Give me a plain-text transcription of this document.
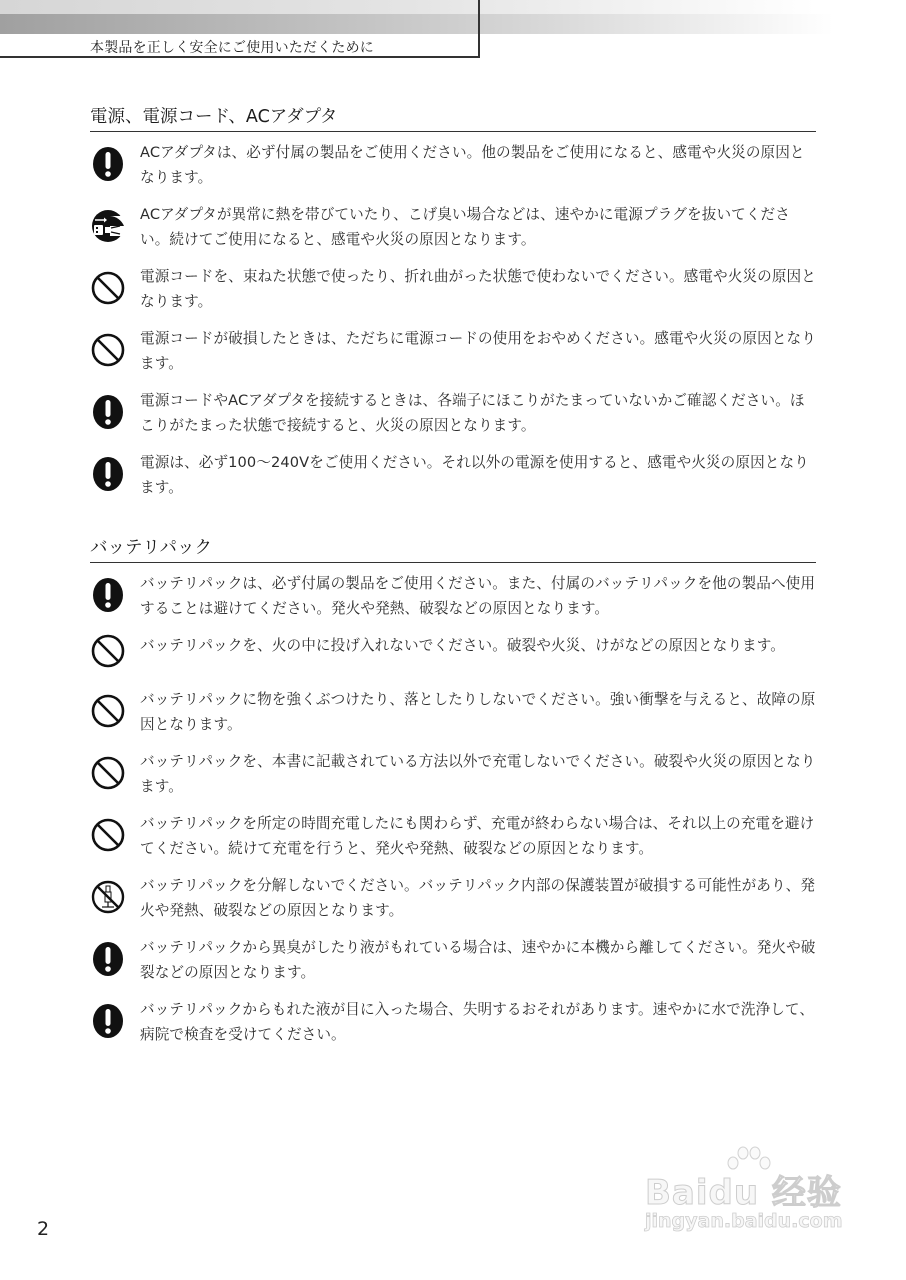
本製品を正しく安全にご使用いただくために
電源、電源コード、ACアダプタ
ACアダプタは、必ず付属の製品をご使用ください。他の製品をご使用になると、感電や火災の原因となります。
ACアダプタが異常に熱を帯びていたり、こげ臭い場合などは、速やかに電源プラグを抜いてください。続けてご使用になると、感電や火災の原因となります。
電源コードを、束ねた状態で使ったり、折れ曲がった状態で使わないでください。感電や火災の原因となります。
電源コードが破損したときは、ただちに電源コードの使用をおやめください。感電や火災の原因となります。
電源コードやACアダプタを接続するときは、各端子にほこりがたまっていないかご確認ください。ほこりがたまった状態で接続すると、火災の原因となります。
電源は、必ず100～240Vをご使用ください。それ以外の電源を使用すると、感電や火災の原因となります。
バッテリパック
バッテリパックは、必ず付属の製品をご使用ください。また、付属のバッテリパックを他の製品へ使用することは避けてください。発火や発熱、破裂などの原因となります。
バッテリパックを、火の中に投げ入れないでください。破裂や火災、けがなどの原因となります。
バッテリパックに物を強くぶつけたり、落としたりしないでください。強い衝撃を与えると、故障の原因となります。
バッテリパックを、本書に記載されている方法以外で充電しないでください。破裂や火災の原因となります。
バッテリパックを所定の時間充電したにも関わらず、充電が終わらない場合は、それ以上の充電を避けてください。続けて充電を行うと、発火や発熱、破裂などの原因となります。
バッテリパックを分解しないでください。バッテリパック内部の保護装置が破損する可能性があり、発火や発熱、破裂などの原因となります。
バッテリパックから異臭がしたり液がもれている場合は、速やかに本機から離してください。発火や破裂などの原因となります。
バッテリパックからもれた液が目に入った場合、失明するおそれがあります。速やかに水で洗浄して、病院で検査を受けてください。
2
Baidu 经验
jingyan.baidu.com
